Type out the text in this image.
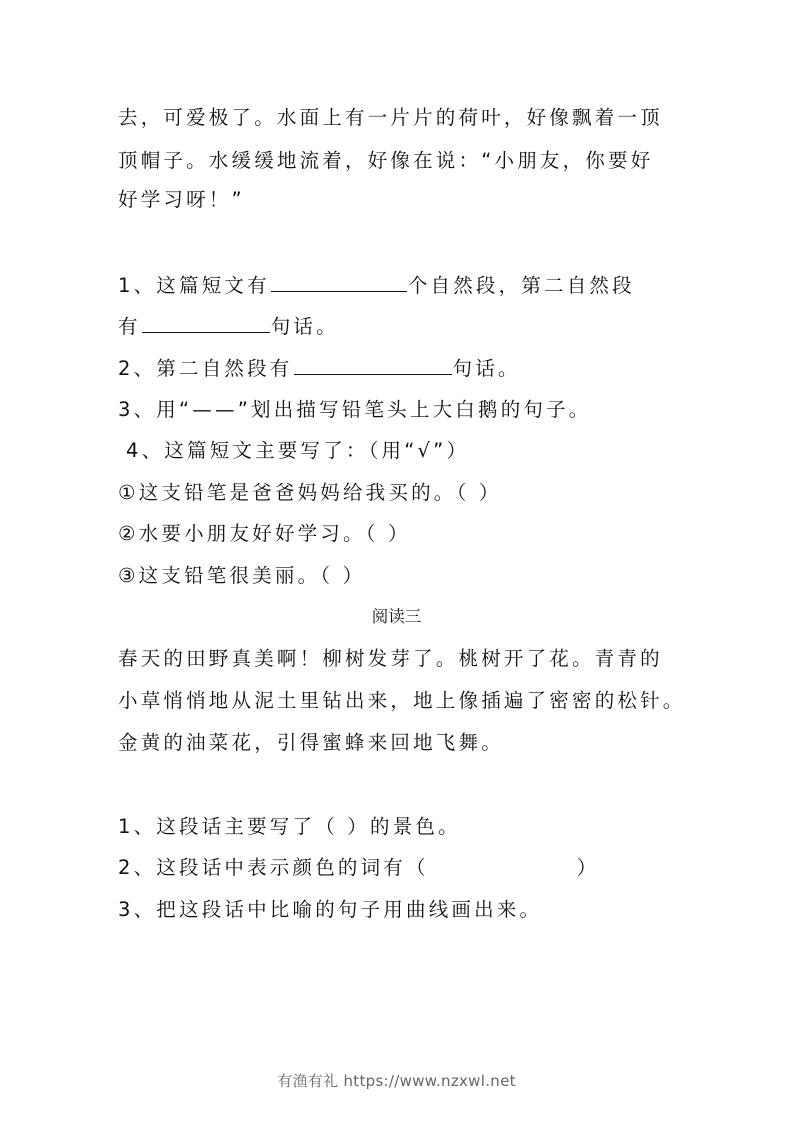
去，可爱极了。水面上有一片片的荷叶，好像飘着一顶
顶帽子。水缓缓地流着，好像在说：“小朋友，你要好
好学习呀！”
1、这篇短文有	个自然段，第二自然段
有	句话。
2、第二自然段有	句话。
3、用“——”划出描写铅笔头上大白鹅的句子。
4、这篇短文主要写了：（用“√”）
①这支铅笔是爸爸妈妈给我买的。（ ）
②水要小朋友好好学习。（ ）
③这支铅笔很美丽。（ ）
阅读三
春天的田野真美啊！柳树发芽了。桃树开了花。青青的
小草悄悄地从泥土里钻出来，地上像插遍了密密的松针。
金黄的油菜花，引得蜜蜂来回地飞舞。
1、这段话主要写了（ ）的景色。
2、这段话中表示颜色的词有（	）
3、把这段话中比喻的句子用曲线画出来。
有渔有礼 https://www.nzxwl.net
